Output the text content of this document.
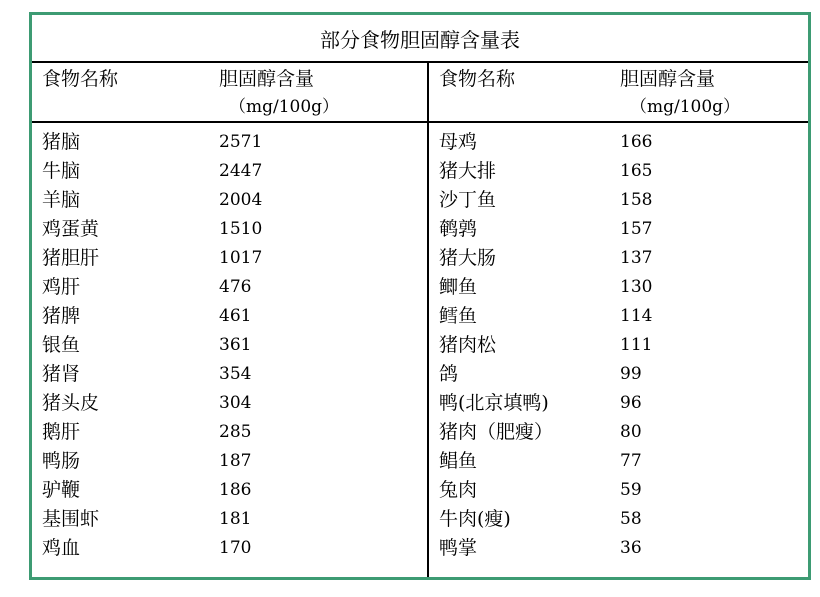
部分食物胆固醇含量表
食物名称	胆固醇含量
（mg/100g）
食物名称	胆固醇含量
（mg/100g）
猪脑	2571
牛脑	2447
羊脑	2004
鸡蛋黄	1510
猪胆肝	1017
鸡肝	476
猪脾	461
银鱼	361
猪肾	354
猪头皮	304
鹅肝	285
鸭肠	187
驴鞭	186
基围虾	181
鸡血	170
母鸡	166
猪大排	165
沙丁鱼	158
鹌鹑	157
猪大肠	137
鲫鱼	130
鳕鱼	114
猪肉松	111
鸽	99
鸭(北京填鸭)	96
猪肉（肥瘦）	80
鲳鱼	77
兔肉	59
牛肉(瘦)	58
鸭掌	36
